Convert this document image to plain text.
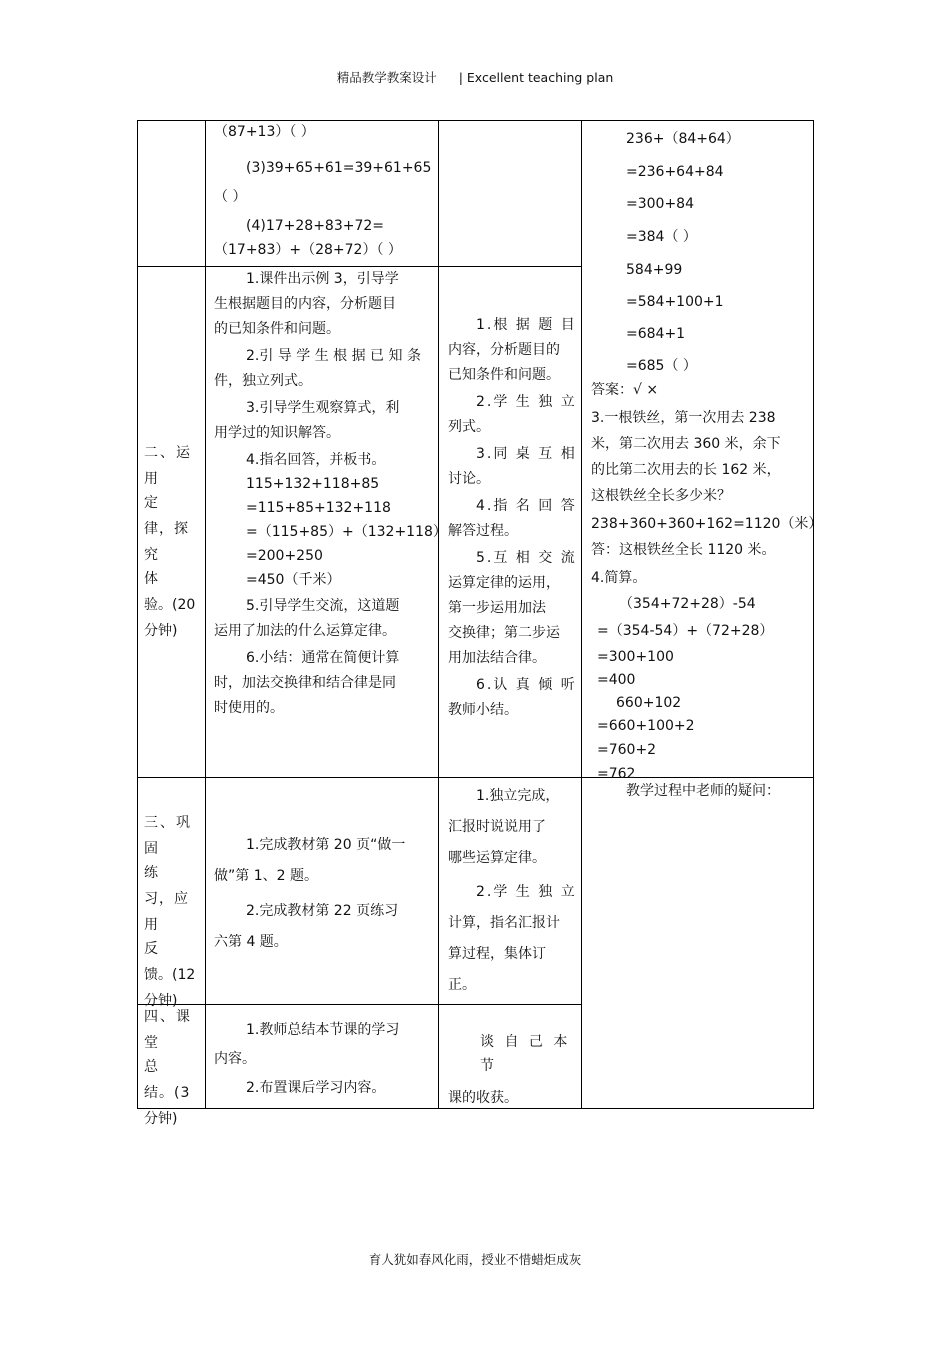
精品教学教案设计 | Excellent teaching plan

（87+13）（ ）

(3)39+65+61=39+61+65

（ ）

(4)17+28+83+72=

（17+83）+（28+72）（ ）

二、运

用 定

律，探

究 体

验。(20

分钟)

1.课件出示例 3，引导学

生根据题目的内容，分析题目

的已知条件和问题。

2.引 导 学 生 根 据 已 知 条

件，独立列式。

3.引导学生观察算式，利

用学过的知识解答。

4.指名回答，并板书。

115+132+118+85

=115+85+132+118

=（115+85）+（132+118）

=200+250

=450（千米）

5.引导学生交流，这道题

运用了加法的什么运算定律。

6.小结：通常在简便计算

时，加法交换律和结合律是同

时使用的。

1.根 据 题 目

内容，分析题目的

已知条件和问题。

2.学 生 独 立

列式。

3.同 桌 互 相

讨论。

4.指 名 回 答

解答过程。

5.互 相 交 流

运算定律的运用，

第一步运用加法

交换律；第二步运

用加法结合律。

6.认 真 倾 听

教师小结。

236+（84+64）

=236+64+84

=300+84

=384（ ）

584+99

=584+100+1

=684+1

=685（ ）

答案：√ ×

3.一根铁丝，第一次用去 238

米，第二次用去 360 米，余下

的比第二次用去的长 162 米，

这根铁丝全长多少米？

238+360+360+162=1120（米）

答：这根铁丝全长 1120 米。

4.简算。

（354+72+28）-54

=（354-54）+（72+28）

=300+100

=400

660+102

=660+100+2

=760+2

=762

教学过程中老师的疑问：

三、巩

固 练

习，应

用 反

馈。(12

分钟)

1.完成教材第 20 页“做一

做”第 1、2 题。

2.完成教材第 22 页练习

六第 4 题。

1.独立完成，

汇报时说说用了

哪些运算定律。

2.学 生 独 立

计算，指名汇报计

算过程，集体订

正。

四、课

堂 总

结。(3

分钟)

1.教师总结本节课的学习

内容。

2.布置课后学习内容。

谈 自 己 本 节

课的收获。

育人犹如春风化雨，授业不惜蜡炬成灰
